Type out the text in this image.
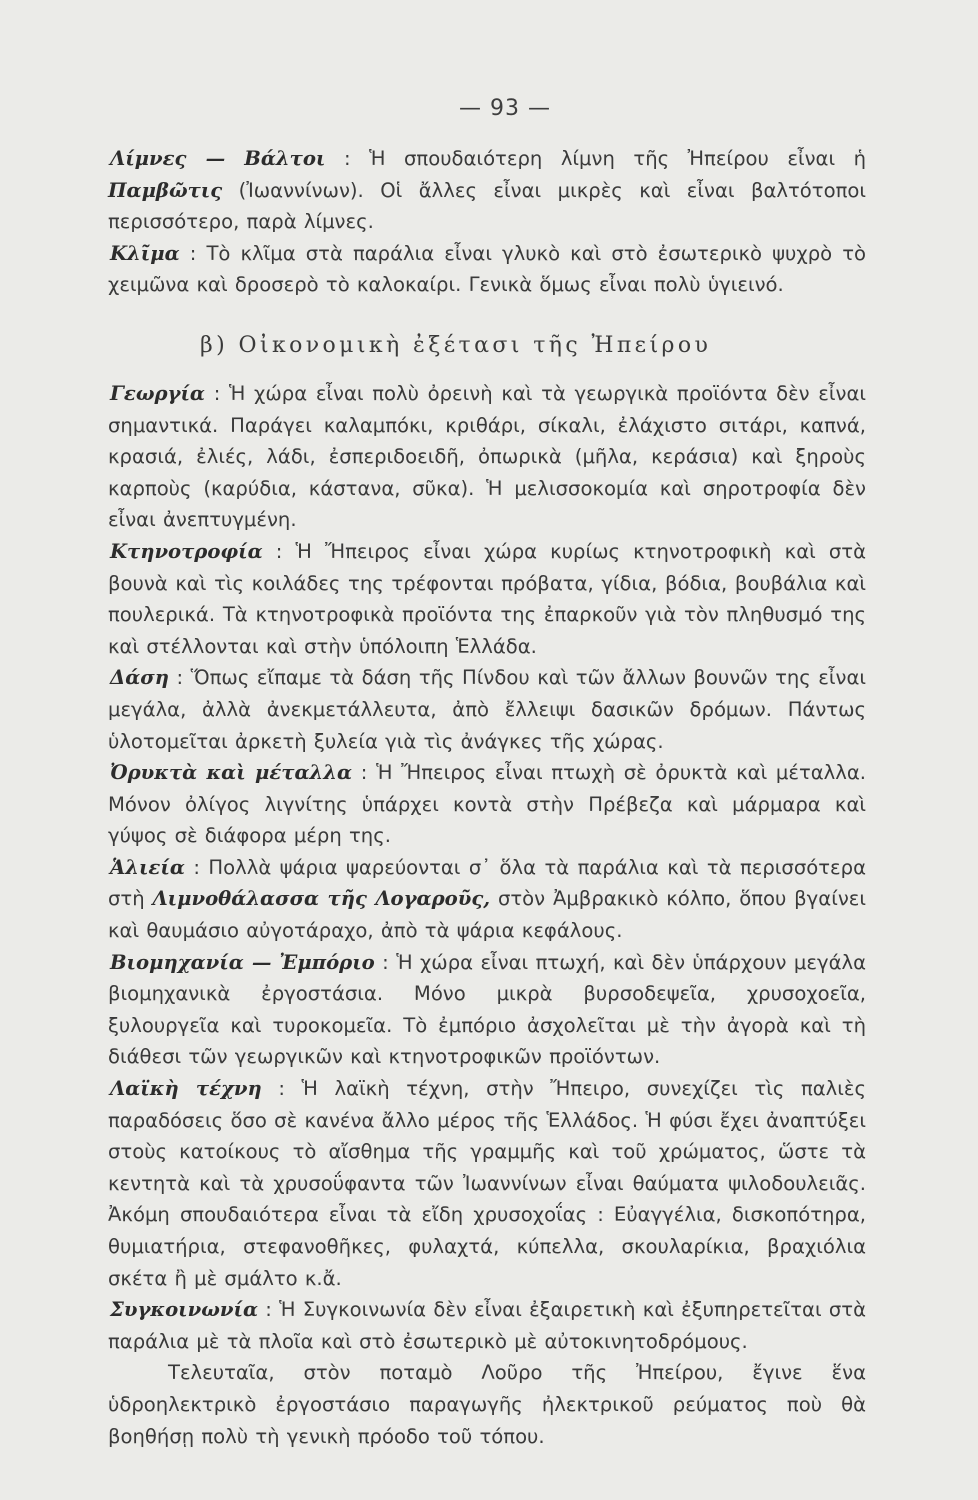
— 93 —

Λίμνες — Βάλτοι : Ἡ σπουδαιότερη λίμνη τῆς Ἠπείρου εἶναι ἡ Παμβῶτις (Ἰωαννίνων). Οἱ ἄλλες εἶναι μικρὲς καὶ εἶναι βαλτότοποι περισσότερο, παρὰ λίμνες.

Κλῖμα : Τὸ κλῖμα στὰ παράλια εἶναι γλυκὸ καὶ στὸ ἐσωτερικὸ ψυχρὸ τὸ χειμῶνα καὶ δροσερὸ τὸ καλοκαίρι. Γενικὰ ὅμως εἶναι πολὺ ὑγιεινό.

β) Οἰκονομικὴ ἐξέτασι τῆς Ἠπείρου

Γεωργία : Ἡ χώρα εἶναι πολὺ ὀρεινὴ καὶ τὰ γεωργικὰ προϊόντα δὲν εἶναι σημαντικά. Παράγει καλαμπόκι, κριθάρι, σίκαλι, ἐλάχιστο σιτάρι, καπνά, κρασιά, ἐλιές, λάδι, ἐσπεριδοειδῆ, ὀπωρικὰ (μῆλα, κεράσια) καὶ ξηροὺς καρποὺς (καρύδια, κάστανα, σῦκα). Ἡ μελισσοκομία καὶ σηροτροφία δὲν εἶναι ἀνεπτυγμένη.

Κτηνοτροφία : Ἡ Ἤπειρος εἶναι χώρα κυρίως κτηνοτροφικὴ καὶ στὰ βουνὰ καὶ τὶς κοιλάδες της τρέφονται πρόβατα, γίδια, βόδια, βουβάλια καὶ πουλερικά. Τὰ κτηνοτροφικὰ προϊόντα της ἐπαρκοῦν γιὰ τὸν πληθυσμό της καὶ στέλλονται καὶ στὴν ὑπόλοιπη Ἑλλάδα.

Δάση : Ὅπως εἴπαμε τὰ δάση τῆς Πίνδου καὶ τῶν ἄλλων βουνῶν της εἶναι μεγάλα, ἀλλὰ ἀνεκμετάλλευτα, ἀπὸ ἔλλειψι δασικῶν δρόμων. Πάντως ὑλοτομεῖται ἀρκετὴ ξυλεία γιὰ τὶς ἀνάγκες τῆς χώρας.

Ὀρυκτὰ καὶ μέταλλα : Ἡ Ἤπειρος εἶναι πτωχὴ σὲ ὀρυκτὰ καὶ μέταλλα. Μόνον ὀλίγος λιγνίτης ὑπάρχει κοντὰ στὴν Πρέβεζα καὶ μάρμαρα καὶ γύψος σὲ διάφορα μέρη της.

Ἁλιεία : Πολλὰ ψάρια ψαρεύονται σ᾿ ὅλα τὰ παράλια καὶ τὰ περισσότερα στὴ Λιμνοθάλασσα τῆς Λογαροῦς, στὸν Ἀμβρακικὸ κόλπο, ὅπου βγαίνει καὶ θαυμάσιο αὐγοτάραχο, ἀπὸ τὰ ψάρια κεφάλους.

Βιομηχανία — Ἐμπόριο : Ἡ χώρα εἶναι πτωχή, καὶ δὲν ὑπάρχουν μεγάλα βιομηχανικὰ ἐργοστάσια. Μόνο μικρὰ βυρσοδεψεῖα, χρυσοχοεῖα, ξυλουργεῖα καὶ τυροκομεῖα. Τὸ ἐμπόριο ἀσχολεῖται μὲ τὴν ἀγορὰ καὶ τὴ διάθεσι τῶν γεωργικῶν καὶ κτηνοτροφικῶν προϊόντων.

Λαϊκὴ τέχνη : Ἡ λαϊκὴ τέχνη, στὴν Ἤπειρο, συνεχίζει τὶς παλιὲς παραδόσεις ὅσο σὲ κανένα ἄλλο μέρος τῆς Ἑλλάδος. Ἡ φύσι ἔχει ἀναπτύξει στοὺς κατοίκους τὸ αἴσθημα τῆς γραμμῆς καὶ τοῦ χρώματος, ὥστε τὰ κεντητὰ καὶ τὰ χρυσοΰφαντα τῶν Ἰωαννίνων εἶναι θαύματα ψιλοδουλειᾶς. Ἀκόμη σπουδαιότερα εἶναι τὰ εἴδη χρυσοχοΐας : Εὐαγγέλια, δισκοπότηρα, θυμιατήρια, στεφανοθῆκες, φυλαχτά, κύπελλα, σκουλαρίκια, βραχιόλια σκέτα ἢ μὲ σμάλτο κ.ἄ.

Συγκοινωνία : Ἡ Συγκοινωνία δὲν εἶναι ἐξαιρετικὴ καὶ ἐξυπηρετεῖται στὰ παράλια μὲ τὰ πλοῖα καὶ στὸ ἐσωτερικὸ μὲ αὐτοκινητοδρόμους.

Τελευταῖα, στὸν ποταμὸ Λοῦρο τῆς Ἠπείρου, ἔγινε ἕνα ὑδροηλεκτρικὸ ἐργοστάσιο παραγωγῆς ἠλεκτρικοῦ ρεύματος ποὺ θὰ βοηθήσῃ πολὺ τὴ γενικὴ πρόοδο τοῦ τόπου.
